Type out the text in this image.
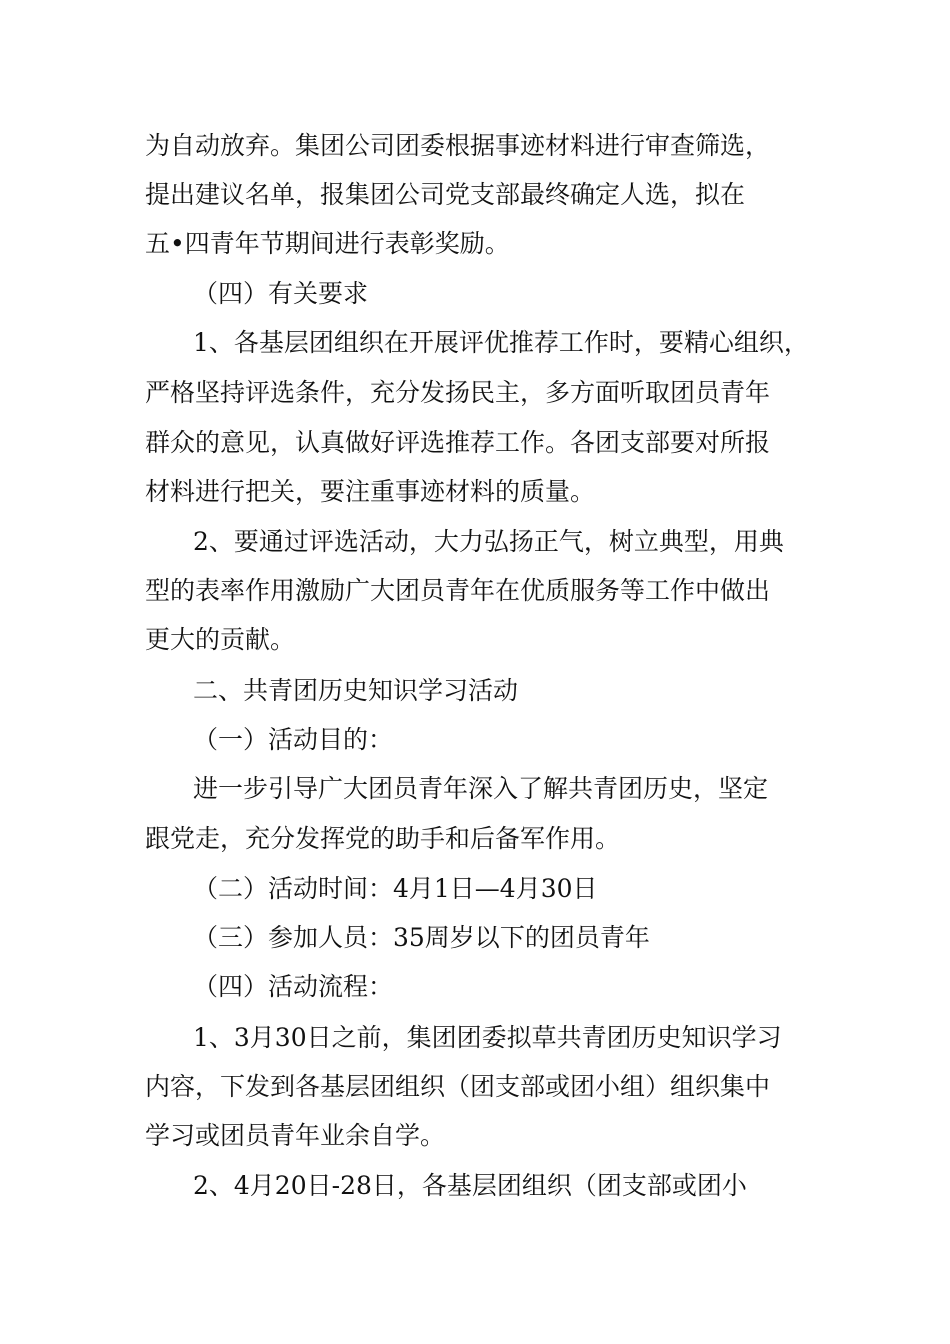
为自动放弃。集团公司团委根据事迹材料进行审查筛选，
提出建议名单，报集团公司党支部最终确定人选，拟在
五•四青年节期间进行表彰奖励。
（四）有关要求
1、各基层团组织在开展评优推荐工作时，要精心组织，
严格坚持评选条件，充分发扬民主，多方面听取团员青年
群众的意见，认真做好评选推荐工作。各团支部要对所报
材料进行把关，要注重事迹材料的质量。
2、要通过评选活动，大力弘扬正气，树立典型，用典
型的表率作用激励广大团员青年在优质服务等工作中做出
更大的贡献。
二、共青团历史知识学习活动
（一）活动目的：
进一步引导广大团员青年深入了解共青团历史，坚定
跟党走，充分发挥党的助手和后备军作用。
（二）活动时间：4月1日—4月30日
（三）参加人员：35周岁以下的团员青年
（四）活动流程：
1、3月30日之前，集团团委拟草共青团历史知识学习
内容，下发到各基层团组织（团支部或团小组）组织集中
学习或团员青年业余自学。
2、4月20日-28日，各基层团组织（团支部或团小
